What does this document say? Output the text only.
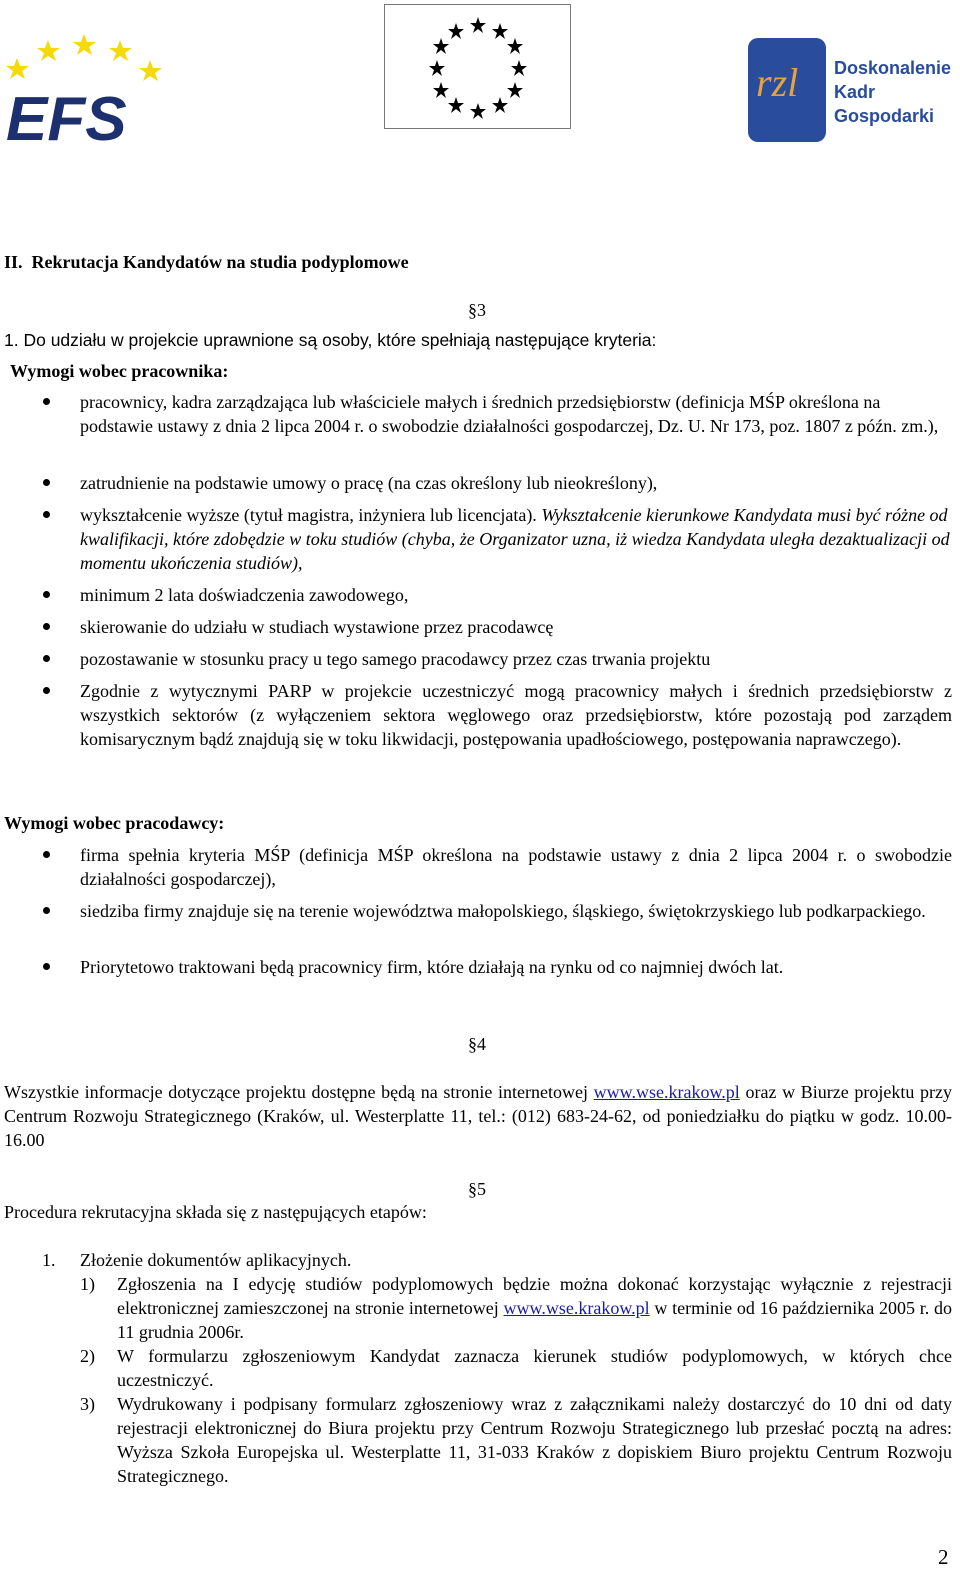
EFS
rzl Doskonalenie
Kadr
Gospodarki
II.  Rekrutacja Kandydatów na studia podyplomowe
§3
1. Do udziału w projekcie uprawnione są osoby, które spełniają następujące kryteria:
Wymogi wobec pracownika:
pracownicy, kadra zarządzająca lub właściciele małych i średnich przedsiębiorstw (definicja MŚP określona na podstawie ustawy z dnia 2 lipca 2004 r. o swobodzie działalności gospodarczej, Dz. U. Nr 173, poz. 1807 z późn. zm.),
zatrudnienie na podstawie umowy o pracę (na czas określony lub nieokreślony),
wykształcenie wyższe (tytuł magistra, inżyniera lub licencjata). Wykształcenie kierunkowe Kandydata musi być różne od kwalifikacji, które zdobędzie w toku studiów (chyba, że Organizator uzna, iż wiedza Kandydata uległa dezaktualizacji od momentu ukończenia studiów),
minimum 2 lata doświadczenia zawodowego,
skierowanie do udziału w studiach wystawione przez pracodawcę
pozostawanie w stosunku pracy u tego samego pracodawcy przez czas trwania projektu
Zgodnie z wytycznymi PARP w projekcie uczestniczyć mogą pracownicy małych i średnich przedsiębiorstw z wszystkich sektorów (z wyłączeniem sektora węglowego oraz przedsiębiorstw, które pozostają pod zarządem komisarycznym bądź znajdują się w toku likwidacji, postępowania upadłościowego, postępowania naprawczego).
Wymogi wobec pracodawcy:
firma spełnia kryteria MŚP (definicja MŚP określona na podstawie ustawy z dnia 2 lipca 2004 r. o swobodzie działalności gospodarczej),
siedziba firmy znajduje się na terenie województwa małopolskiego, śląskiego, świętokrzyskiego lub podkarpackiego.
Priorytetowo traktowani będą pracownicy firm, które działają na rynku od co najmniej dwóch lat.
§4
Wszystkie informacje dotyczące projektu dostępne będą na stronie internetowej www.wse.krakow.pl oraz w Biurze projektu przy Centrum Rozwoju Strategicznego (Kraków, ul. Westerplatte 11, tel.: (012) 683-24-62, od poniedziałku do piątku w godz. 10.00-16.00
§5
Procedura rekrutacyjna składa się z następujących etapów:
1. Złożenie dokumentów aplikacyjnych.
1) Zgłoszenia na I edycję studiów podyplomowych będzie można dokonać korzystając wyłącznie z rejestracji elektronicznej zamieszczonej na stronie internetowej www.wse.krakow.pl w terminie od 16 października 2005 r. do 11 grudnia 2006r.
2) W formularzu zgłoszeniowym Kandydat zaznacza kierunek studiów podyplomowych, w których chce uczestniczyć.
3) Wydrukowany i podpisany formularz zgłoszeniowy wraz z załącznikami należy dostarczyć do 10 dni od daty rejestracji elektronicznej do Biura projektu przy Centrum Rozwoju Strategicznego lub przesłać pocztą na adres: Wyższa Szkoła Europejska ul. Westerplatte 11, 31-033 Kraków z dopiskiem Biuro projektu Centrum Rozwoju Strategicznego.
2
